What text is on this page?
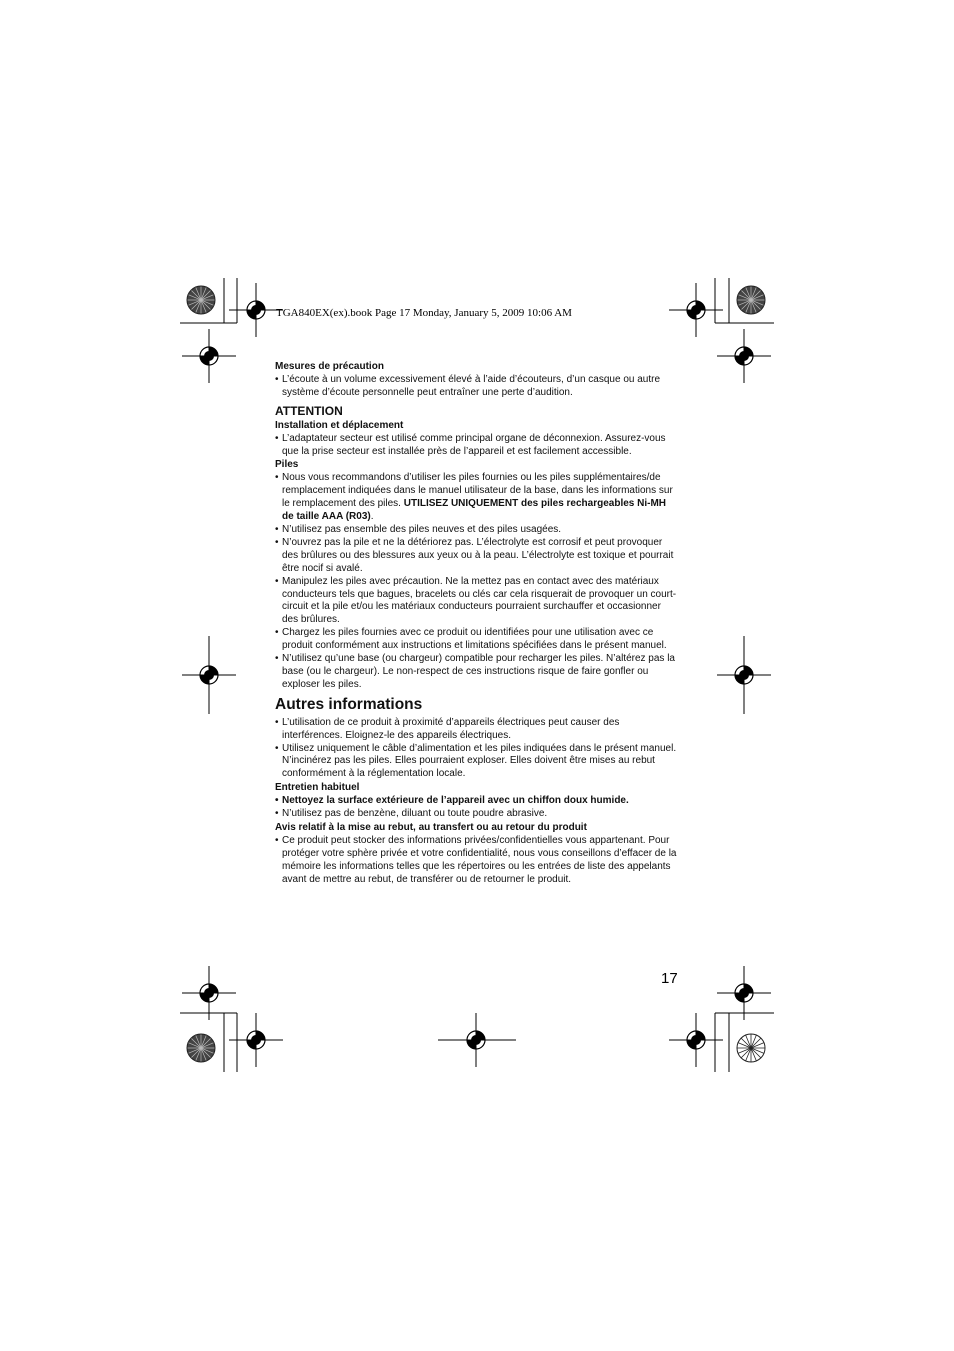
TGA840EX(ex).book Page 17 Monday, January 5, 2009 10:06 AM

Mesures de précaution

• L’écoute à un volume excessivement élevé à l’aide d’écouteurs, d’un casque ou autre système d’écoute personnelle peut entraîner une perte d’audition.

ATTENTION

Installation et déplacement

• L’adaptateur secteur est utilisé comme principal organe de déconnexion. Assurez-vous que la prise secteur est installée près de l’appareil et est facilement accessible.

Piles

• Nous vous recommandons d’utiliser les piles fournies ou les piles supplémentaires/de remplacement indiquées dans le manuel utilisateur de la base, dans les informations sur le remplacement des piles. UTILISEZ UNIQUEMENT des piles rechargeables Ni-MH de taille AAA (R03).
• N’utilisez pas ensemble des piles neuves et des piles usagées.
• N’ouvrez pas la pile et ne la détériorez pas. L’électrolyte est corrosif et peut provoquer des brûlures ou des blessures aux yeux ou à la peau. L’électrolyte est toxique et pourrait être nocif si avalé.
• Manipulez les piles avec précaution. Ne la mettez pas en contact avec des matériaux conducteurs tels que bagues, bracelets ou clés car cela risquerait de provoquer un court-circuit et la pile et/ou les matériaux conducteurs pourraient surchauffer et occasionner des brûlures.
• Chargez les piles fournies avec ce produit ou identifiées pour une utilisation avec ce produit conformément aux instructions et limitations spécifiées dans le présent manuel.
• N’utilisez qu’une base (ou chargeur) compatible pour recharger les piles. N’altérez pas la base (ou le chargeur). Le non-respect de ces instructions risque de faire gonfler ou exploser les piles.

Autres informations

• L’utilisation de ce produit à proximité d’appareils électriques peut causer des interférences. Eloignez-le des appareils électriques.
• Utilisez uniquement le câble d’alimentation et les piles indiquées dans le présent manuel. N’incinérez pas les piles. Elles pourraient exploser. Elles doivent être mises au rebut conformément à la réglementation locale.

Entretien habituel

• Nettoyez la surface extérieure de l’appareil avec un chiffon doux humide.
• N’utilisez pas de benzène, diluant ou toute poudre abrasive.

Avis relatif à la mise au rebut, au transfert ou au retour du produit

• Ce produit peut stocker des informations privées/confidentielles vous appartenant. Pour protéger votre sphère privée et votre confidentialité, nous vous conseillons d’effacer de la mémoire les informations telles que les répertoires ou les entrées de liste des appelants avant de mettre au rebut, de transférer ou de retourner le produit.
17
